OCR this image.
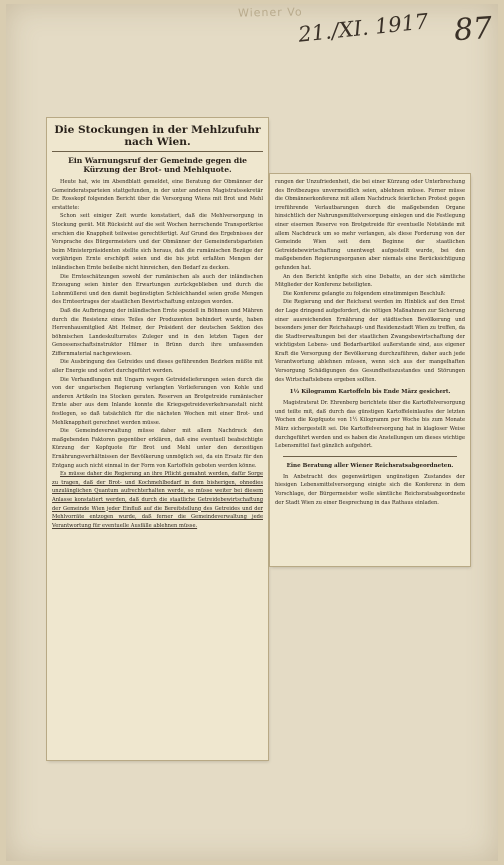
Wiener Vo
21./XI. 1917 87
Die Stockungen in der Mehlzufuhr nach Wien.
Ein Warnungsruf der Gemeinde gegen die Kürzung der Brot- und Mehlquote.

Heute hat, wie im Abendblatt gemeldet, eine Beratung der Obmänner der Gemeinderatsparteien stattgefunden, in der unter anderen Magistratssekretär Dr. Rosskopf folgenden Bericht über die Versorgung Wiens mit Brot und Mehl erstattete:

Schon seit einiger Zeit wurde konstatiert, daß die Mehlversorgung in Stockung gerät. Mit Rücksicht auf die seit Wochen herrschende Transportkrise erschien die Knappheit teilweise gerechtfertigt. Auf Grund des Ergebnisses der Vorsprache des Bürgermeisters und der Obmänner der Gemeinderatsparteien beim Ministerpräsidenten stellte sich heraus, daß die rumänischen Bezüge der vorjährigen Ernte erschöpft seien und die bis jetzt erfaßten Mengen der inländischen Ernte beileibe nicht hinreichen, den Bedarf zu decken.

Die Ernteschätzungen sowohl der rumänischen als auch der inländischen Erzeugung seien hinter den Erwartungen zurückgeblieben und durch die Lohnmüllerei und den damit begünstigten Schleichhandel seien große Mengen des Ernteertrages der staatlichen Bewirtschaftung entzogen worden.

Daß die Aufbringung der inländischen Ernte speziell in Böhmen und Mähren durch die Resistenz eines Teiles der Produzenten behindert wurde, haben Herrenhausmitglied Abt Helmer, der Präsident der deutschen Sektion des böhmischen Landeskulturrates Zuleger und in den letzten Tagen der Genossenschaftsinstruktor Hilmer in Brünn durch ihre umfassenden Ziffernmaterial nachgewiesen.

Die Ausbringung des Getreides und dieses geführenden Bezirken müßte mit aller Energie und sofort durchgeführt werden.

Die Verhandlungen mit Ungarn wegen Getreidelieferungen seien durch die von der ungarischen Regierung verlangten Vorlieferungen von Kohle und anderen Artikeln ins Stocken geraten. Reserven an Brotgetreide rumänischer Ernte aber aus dem Inlande konnte die Kriegsgetreideverkehrsanstalt nicht festlegen, so daß tatsächlich für die nächsten Wochen mit einer Brot- und Mehlknappheit gerechnet werden müsse.

Die Gemeindeverwaltung müsse daher mit allem Nachdruck den maßgebenden Faktoren gegenüber erklären, daß eine eventuell beabsichtigte Kürzung der Kopfquote für Brot und Mehl unter den derzeitigen Ernährungsverhältnissen der Bevölkerung unmöglich sei, da ein Ersatz für den Entgang auch nicht einmal in der Form von Kartoffeln geboten werden könne.

Es müsse daher die Regierung an ihre Pflicht gemahnt werden, dafür Sorge zu tragen, daß der Brot- und Kochmehlbedarf in dem bisherigen, ohnedies unzulänglichen Quantum aufrechterhalten werde, so müsse weiter bei diesem Anlasse konstatiert werden, daß durch die staatliche Getreidebewirtschaftung der Gemeinde Wien jeder Einfluß auf die Bereitstellung des Getreides und der Mehlvorräte entzogen wurde, daß ferner die Gemeindeverwaltung jede Verantwortung für eventuelle Ausfälle ablehnen müsse.

rungen der Unzufriedenheit, die bei einer Kürzung oder Unterbrechung des Brotbezuges unvermeidlich seien, ablehnen müsse. Ferner müsse die Obmännerkonferenz mit allem Nachdruck feierlichen Protest gegen irreführende Verlautbarungen durch die maßgebenden Organe hinsichtlich der Nahrungsmittelversorgung einlegen und die Festlegung einer eisernen Reserve von Brotgetreide für eventuelle Notstände mit allem Nachdruck um so mehr verlangen, als diese Forderung von der Gemeinde Wien seit dem Beginne der staatlichen Getreidebewirtschaftung unentwegt aufgestellt wurde, bei den maßgebenden Regierungsorganen aber niemals eine Berücksichtigung gefunden hat.

An den Bericht knüpfte sich eine Debatte, an der sich sämtliche Mitglieder der Konferenz beteiligten.

Die Konferenz gelangte zu folgendem einstimmigen Beschluß:

Die Regierung und der Reichsrat werden im Hinblick auf den Ernst der Lage dringend aufgefordert, die nötigen Maßnahmen zur Sicherung einer ausreichenden Ernährung der städtischen Bevölkerung und besonders jener der Reichshaupt- und Residenzstadt Wien zu treffen, da die Stadtverwaltungen bei der staatlichen Zwangsbewirtschaftung der wichtigsten Lebens- und Bedarfsartikel außerstande sind, aus eigener Kraft die Versorgung der Bevölkerung durchzuführen, daher auch jede Verantwortung ablehnen müssen, wenn sich aus der mangelhaften Versorgung Schädigungen des Gesundheitszustandes und Störungen des Wirtschaftslebens ergeben sollten.

1½ Kilogramm Kartoffeln bis Ende März gesichert.

Magistratsrat Dr. Ehrenberg berichtete über die Kartoffelversorgung und teilte mit, daß durch das günstigen Kartoffeleinlaufes der letzten Wochen die Kopfquote von 1½ Kilogramm per Woche bis zum Monate März sichergestellt sei. Die Kartoffelversorgung hat in klagloser Weise durchgeführt werden und es haben die Anstellungen um dieses wichtige Lebensmittel fast gänzlich aufgehört.

Eine Beratung aller Wiener Reichsratsabgeordneten.

In Anbetracht des gegenwärtigen ungünstigen Zustandes der hiesigen Lebensmittelversorgung einigte sich die Konferenz in dem Vorschlage, der Bürgermeister wolle sämtliche Reichsratsabgeordnete der Stadt Wien zu einer Besprechung in das Rathaus einladen.
